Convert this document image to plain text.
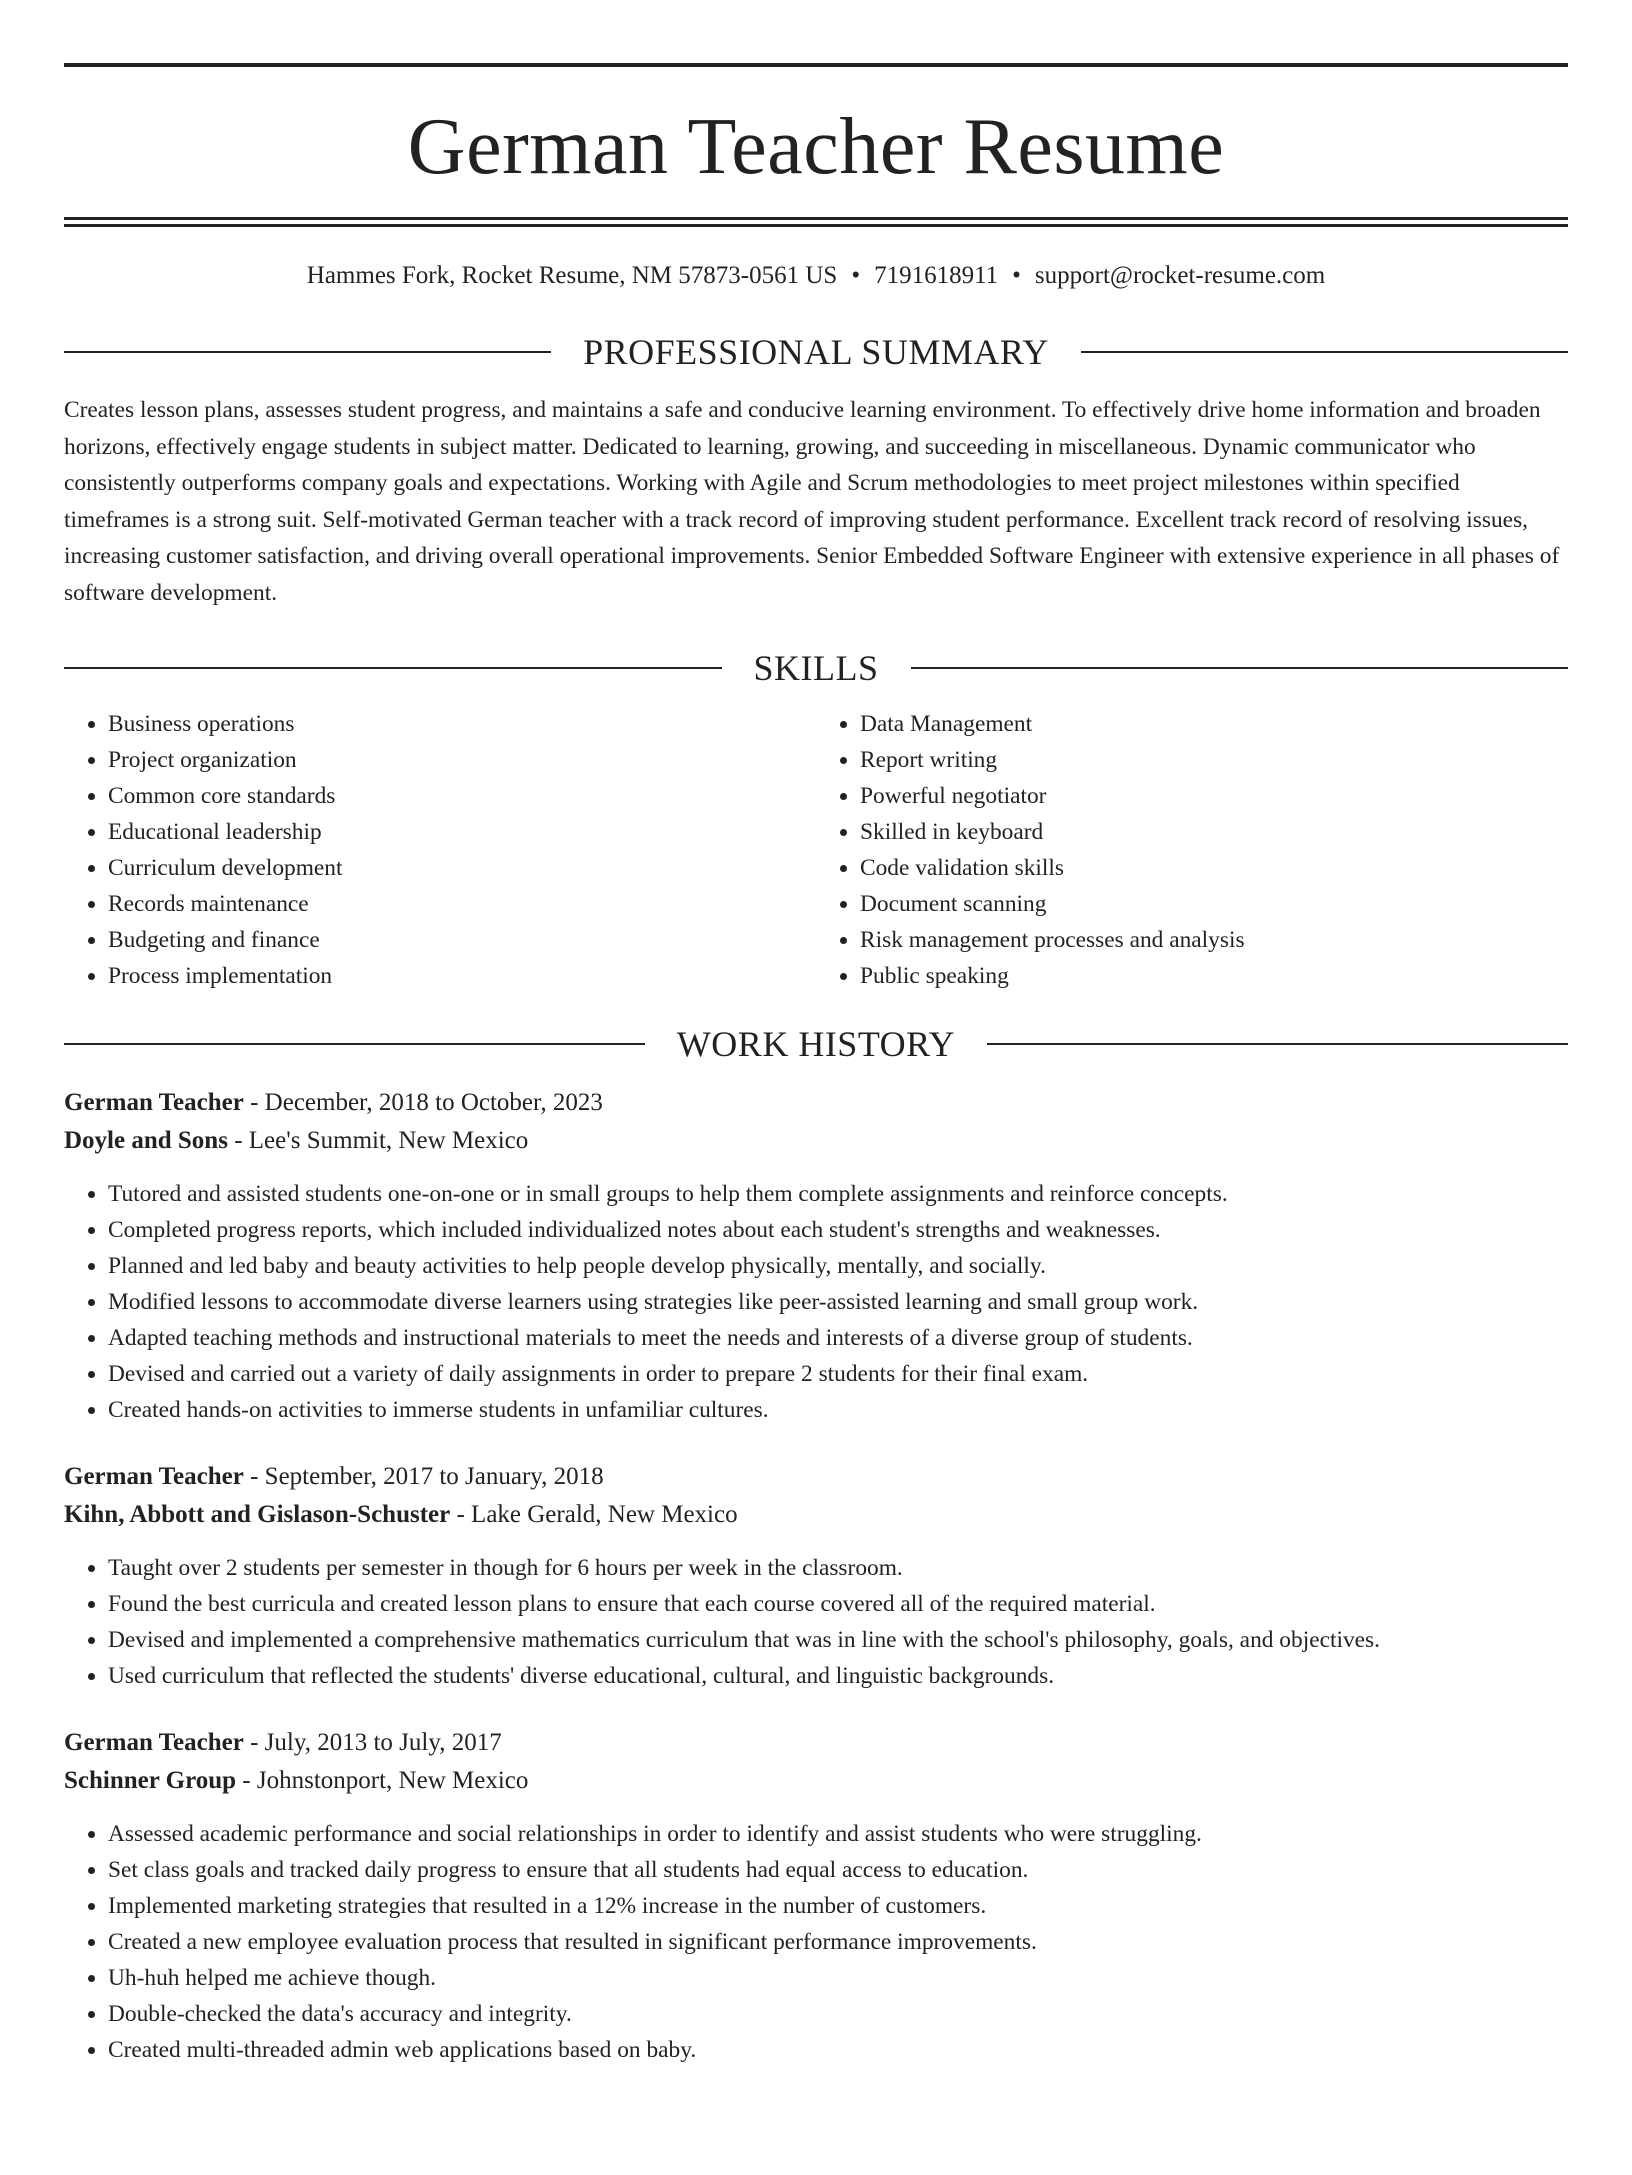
German Teacher Resume
Hammes Fork, Rocket Resume, NM 57873-0561 US • 7191618911 • support@rocket-resume.com
PROFESSIONAL SUMMARY
Creates lesson plans, assesses student progress, and maintains a safe and conducive learning environment. To effectively drive home information and broaden horizons, effectively engage students in subject matter. Dedicated to learning, growing, and succeeding in miscellaneous. Dynamic communicator who consistently outperforms company goals and expectations. Working with Agile and Scrum methodologies to meet project milestones within specified timeframes is a strong suit. Self-motivated German teacher with a track record of improving student performance. Excellent track record of resolving issues, increasing customer satisfaction, and driving overall operational improvements. Senior Embedded Software Engineer with extensive experience in all phases of software development.
SKILLS
• Business operations
• Project organization
• Common core standards
• Educational leadership
• Curriculum development
• Records maintenance
• Budgeting and finance
• Process implementation
• Data Management
• Report writing
• Powerful negotiator
• Skilled in keyboard
• Code validation skills
• Document scanning
• Risk management processes and analysis
• Public speaking
WORK HISTORY
German Teacher - December, 2018 to October, 2023
Doyle and Sons - Lee's Summit, New Mexico
• Tutored and assisted students one-on-one or in small groups to help them complete assignments and reinforce concepts.
• Completed progress reports, which included individualized notes about each student's strengths and weaknesses.
• Planned and led baby and beauty activities to help people develop physically, mentally, and socially.
• Modified lessons to accommodate diverse learners using strategies like peer-assisted learning and small group work.
• Adapted teaching methods and instructional materials to meet the needs and interests of a diverse group of students.
• Devised and carried out a variety of daily assignments in order to prepare 2 students for their final exam.
• Created hands-on activities to immerse students in unfamiliar cultures.
German Teacher - September, 2017 to January, 2018
Kihn, Abbott and Gislason-Schuster - Lake Gerald, New Mexico
• Taught over 2 students per semester in though for 6 hours per week in the classroom.
• Found the best curricula and created lesson plans to ensure that each course covered all of the required material.
• Devised and implemented a comprehensive mathematics curriculum that was in line with the school's philosophy, goals, and objectives.
• Used curriculum that reflected the students' diverse educational, cultural, and linguistic backgrounds.
German Teacher - July, 2013 to July, 2017
Schinner Group - Johnstonport, New Mexico
• Assessed academic performance and social relationships in order to identify and assist students who were struggling.
• Set class goals and tracked daily progress to ensure that all students had equal access to education.
• Implemented marketing strategies that resulted in a 12% increase in the number of customers.
• Created a new employee evaluation process that resulted in significant performance improvements.
• Uh-huh helped me achieve though.
• Double-checked the data's accuracy and integrity.
• Created multi-threaded admin web applications based on baby.
